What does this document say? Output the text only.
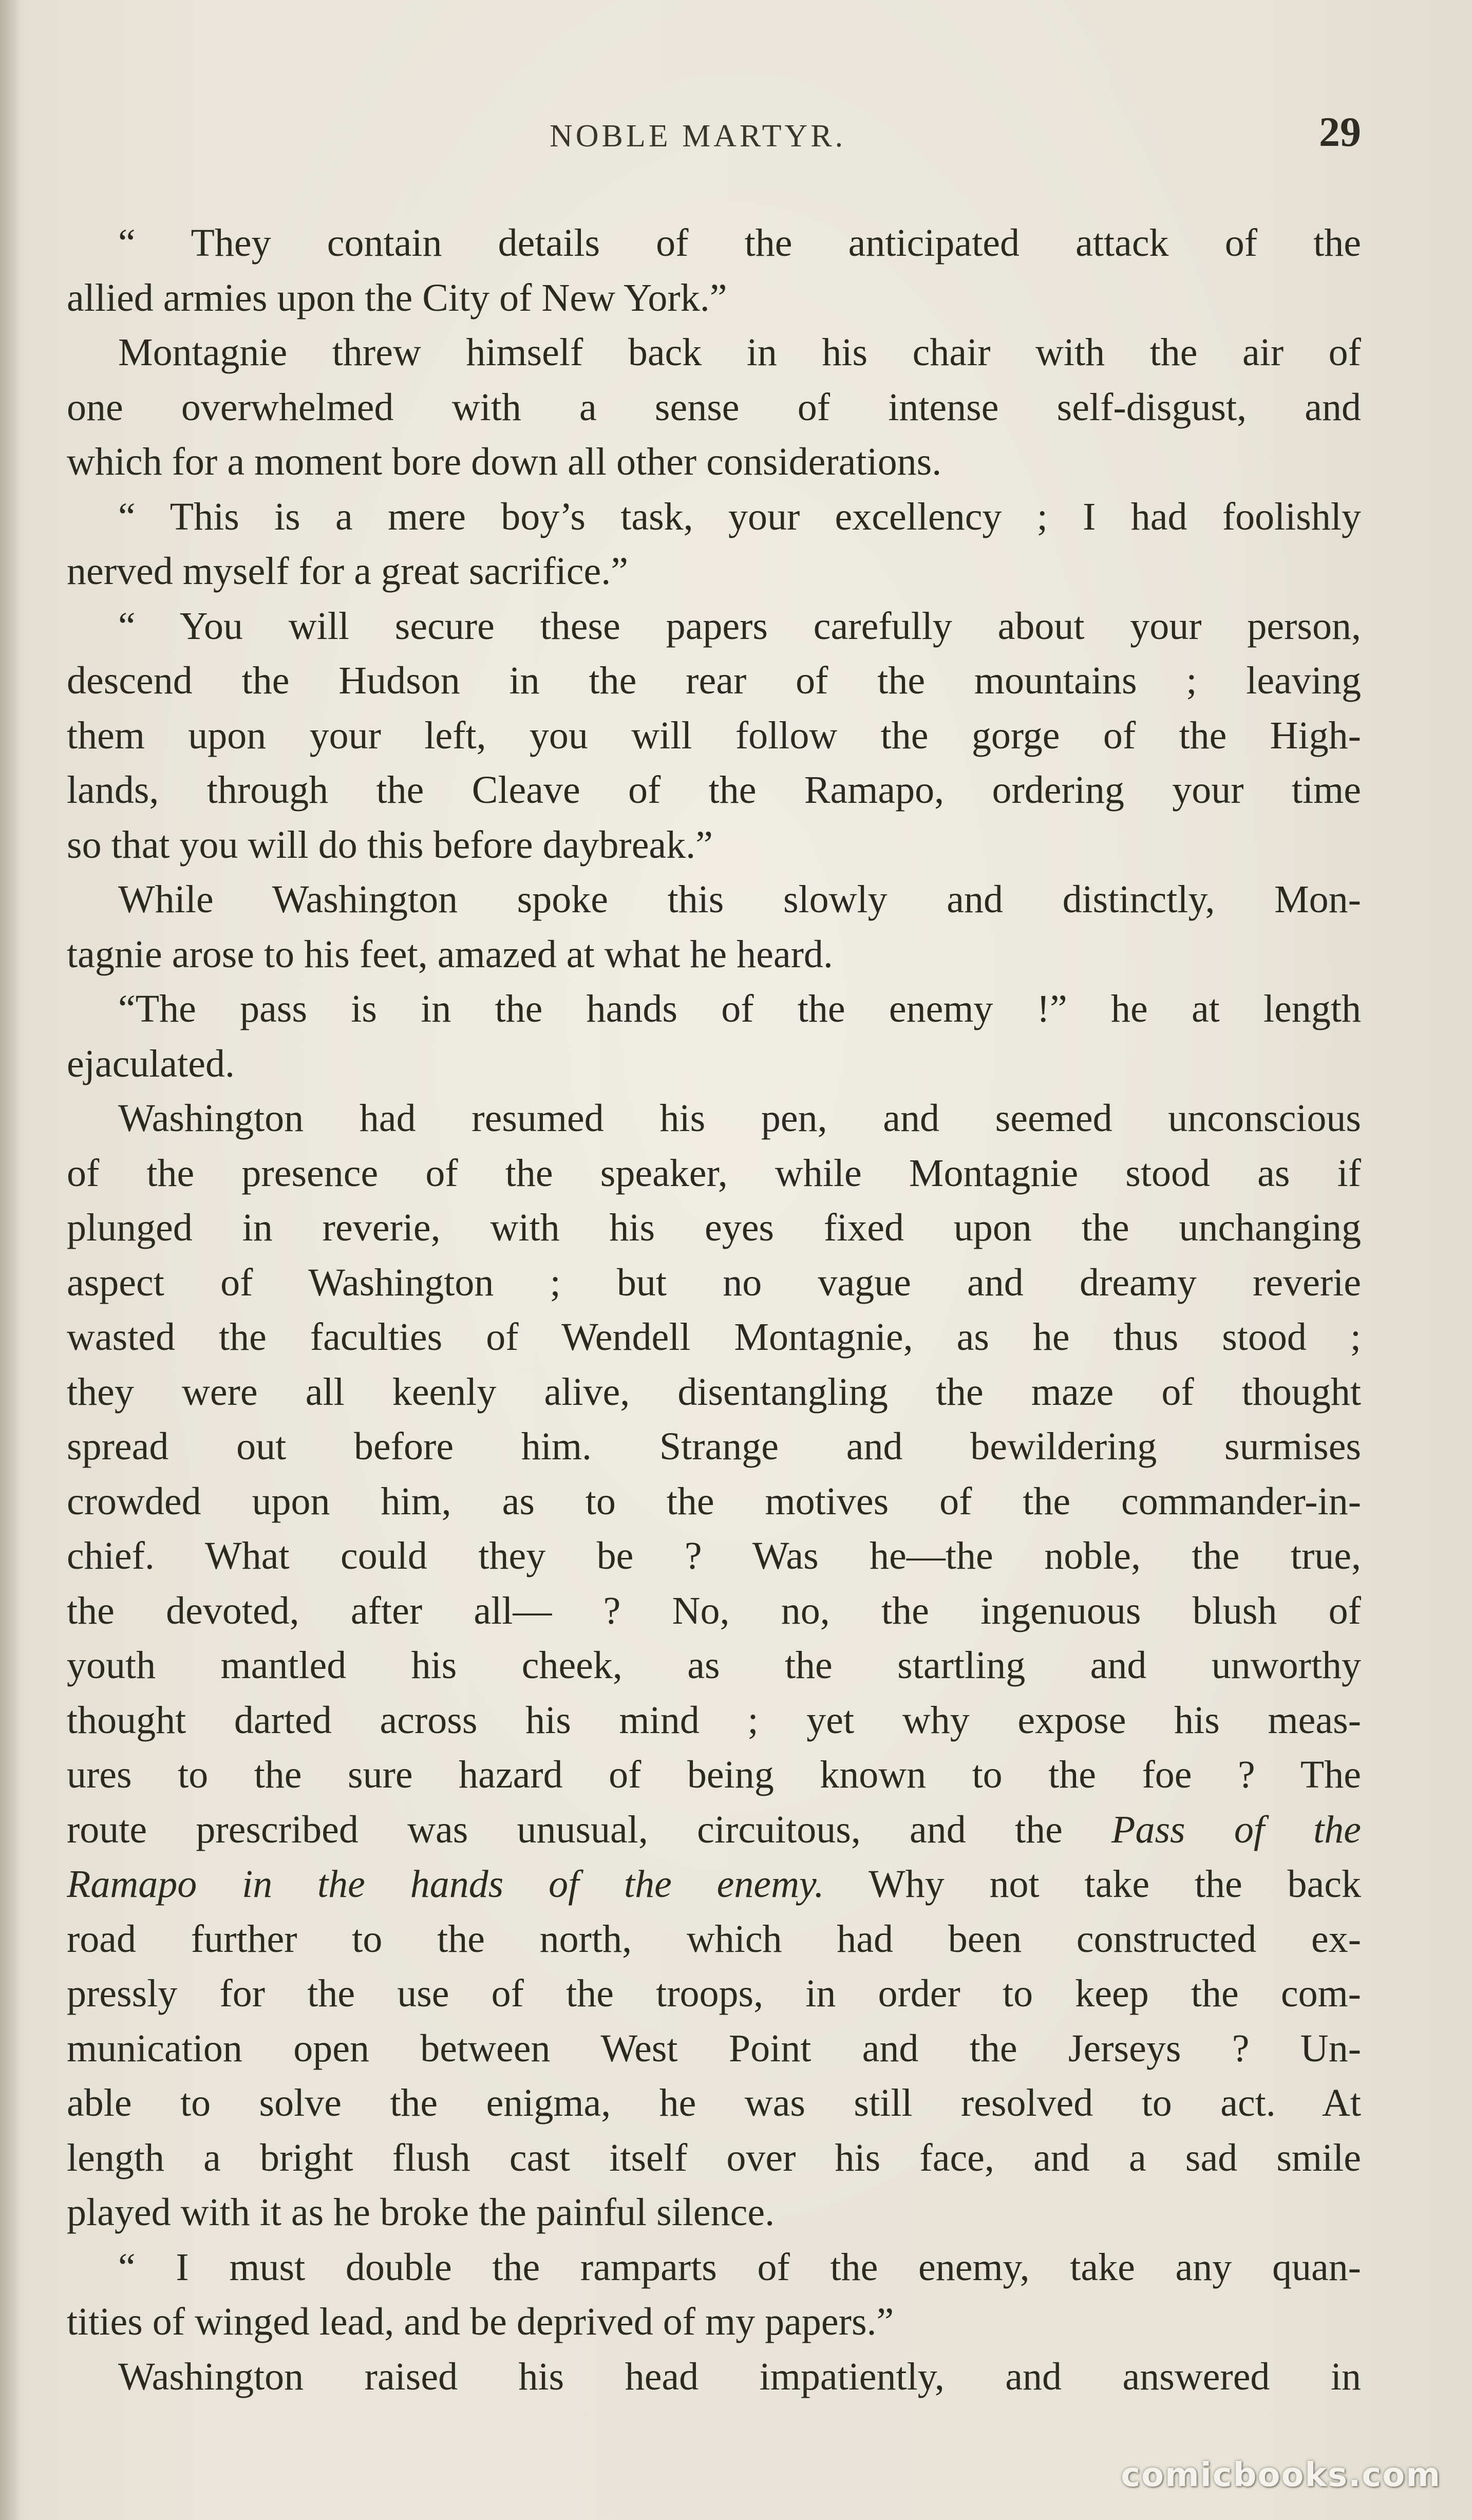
NOBLE MARTYR.	29
“ They contain details of the anticipated attack of the
allied armies upon the City of New York.”
Montagnie threw himself back in his chair with the air of
one overwhelmed with a sense of intense self-disgust, and
which for a moment bore down all other considerations.
“ This is a mere boy’s task, your excellency ; I had foolishly
nerved myself for a great sacrifice.”
“ You will secure these papers carefully about your person,
descend the Hudson in the rear of the mountains ; leaving
them upon your left, you will follow the gorge of the High-
lands, through the Cleave of the Ramapo, ordering your time
so that you will do this before daybreak.”
While Washington spoke this slowly and distinctly, Mon-
tagnie arose to his feet, amazed at what he heard.
“The pass is in the hands of the enemy !” he at length
ejaculated.
Washington had resumed his pen, and seemed unconscious
of the presence of the speaker, while Montagnie stood as if
plunged in reverie, with his eyes fixed upon the unchanging
aspect of Washington ; but no vague and dreamy reverie
wasted the faculties of Wendell Montagnie, as he thus stood ;
they were all keenly alive, disentangling the maze of thought
spread out before him. Strange and bewildering surmises
crowded upon him, as to the motives of the commander-in-
chief. What could they be ? Was he—the noble, the true,
the devoted, after all— ? No, no, the ingenuous blush of
youth mantled his cheek, as the startling and unworthy
thought darted across his mind ; yet why expose his meas-
ures to the sure hazard of being known to the foe ? The
route prescribed was unusual, circuitous, and the Pass of the
Ramapo in the hands of the enemy. Why not take the back
road further to the north, which had been constructed ex-
pressly for the use of the troops, in order to keep the com-
munication open between West Point and the Jerseys ? Un-
able to solve the enigma, he was still resolved to act. At
length a bright flush cast itself over his face, and a sad smile
played with it as he broke the painful silence.
“ I must double the ramparts of the enemy, take any quan-
tities of winged lead, and be deprived of my papers.”
Washington raised his head impatiently, and answered in
comicbooks.com
